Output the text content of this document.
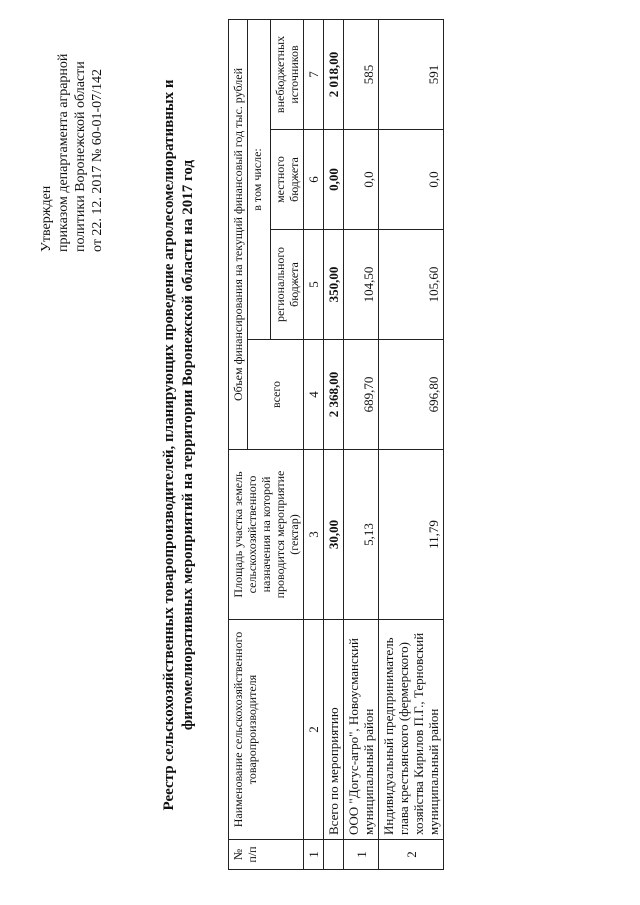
Утвержден приказом департамента аграрной политики Воронежской области от 22. 12. 2017 № 60-01-07/142	Реестр сельскохозяйственных товаропроизводителей, планирующих проведение агролесомелиоративных и фитомелиоративных мероприятий на территории Воронежской области на 2017 год
№ п/п	Наименование сельскохозяйственного товаропроизводителя	Площадь участка земель сельскохозяйственного назначения на которой проводится мероприятие (гектар)	Объем финансирования на текущий финансовый год тыс. рублей			
			всего	в том числе:		
				регионального бюджета	местного бюджета	внебюджетных источников
1	2	3	4	5	6	7
	Всего по мероприятию	30,00	2 368,00	350,00	0,00	2 018,00
1	ООО "Догус-агро", Новоусманский муниципальный район	5,13	689,70	104,50	0,0	585
2	Индивидуальный предприниматель глава крестьянского (фермерского) хозяйства Кирилов П.Г., Терновский муниципальный район	11,79	696,80	105,60	0,0	591
